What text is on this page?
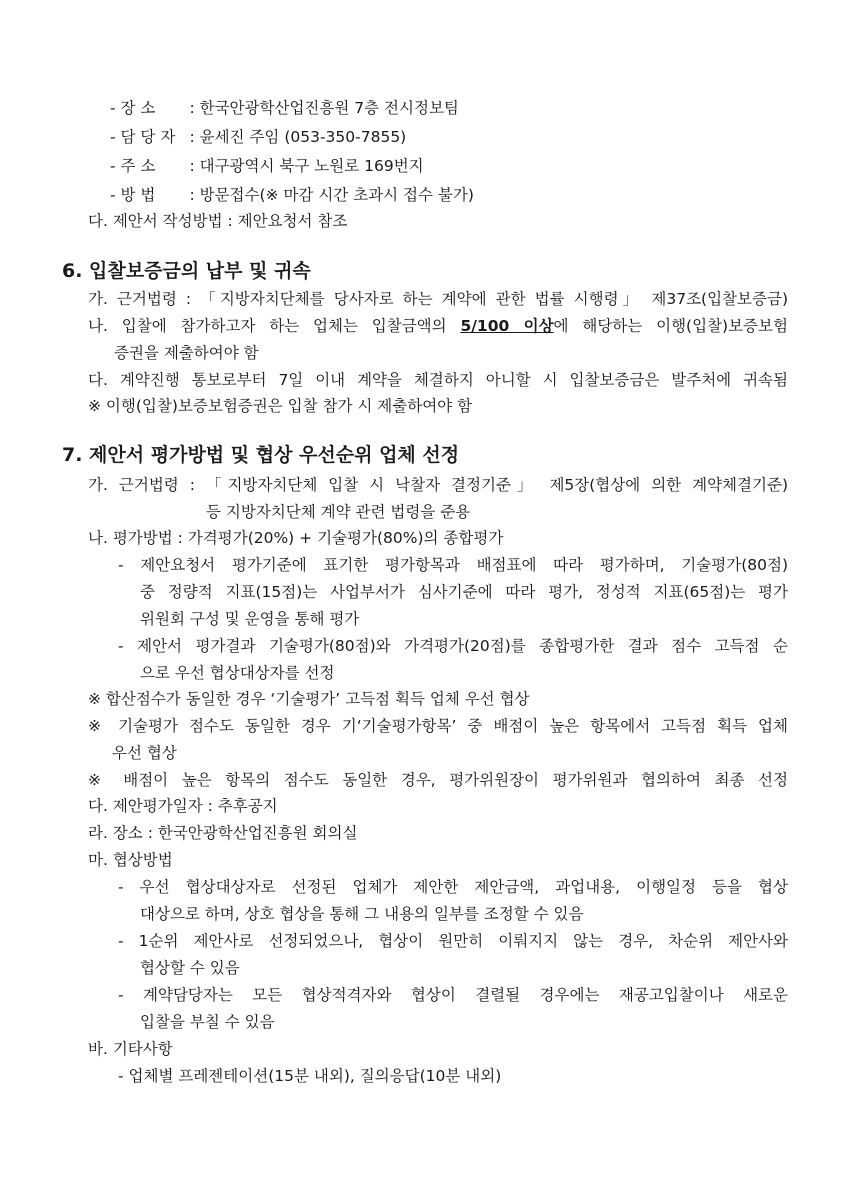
- 장 소 : 한국안광학산업진흥원 7층 전시정보팀
- 담 당 자 : 윤세진 주임 (053-350-7855)
- 주 소 : 대구광역시 북구 노원로 169번지
- 방 법 : 방문접수(※ 마감 시간 초과시 접수 불가)
다. 제안서 작성방법 : 제안요청서 참조
6. 입찰보증금의 납부 및 귀속
가. 근거법령 : 「지방자치단체를 당사자로 하는 계약에 관한 법률 시행령」 제37조(입찰보증금)
나. 입찰에 참가하고자 하는 업체는 입찰금액의 5/100 이상에 해당하는 이행(입찰)보증보험
증권을 제출하여야 함
다. 계약진행 통보로부터 7일 이내 계약을 체결하지 아니할 시 입찰보증금은 발주처에 귀속됨
※ 이행(입찰)보증보험증권은 입찰 참가 시 제출하여야 함
7. 제안서 평가방법 및 협상 우선순위 업체 선정
가. 근거법령 : 「지방자치단체 입찰 시 낙찰자 결정기준」 제5장(협상에 의한 계약체결기준)
등 지방자치단체 계약 관련 법령을 준용
나. 평가방법 : 가격평가(20%) + 기술평가(80%)의 종합평가
- 제안요청서 평가기준에 표기한 평가항목과 배점표에 따라 평가하며, 기술평가(80점)
중 정량적 지표(15점)는 사업부서가 심사기준에 따라 평가, 정성적 지표(65점)는 평가
위원회 구성 및 운영을 통해 평가
- 제안서 평가결과 기술평가(80점)와 가격평가(20점)를 종합평가한 결과 점수 고득점 순
으로 우선 협상대상자를 선정
※ 합산점수가 동일한 경우 ‘기술평가’ 고득점 획득 업체 우선 협상
※ 기술평가 점수도 동일한 경우 기‘기술평가항목’ 중 배점이 높은 항목에서 고득점 획득 업체
우선 협상
※ 배점이 높은 항목의 점수도 동일한 경우, 평가위원장이 평가위원과 협의하여 최종 선정
다. 제안평가일자 : 추후공지
라. 장소 : 한국안광학산업진흥원 회의실
마. 협상방법
- 우선 협상대상자로 선정된 업체가 제안한 제안금액, 과업내용, 이행일정 등을 협상
대상으로 하며, 상호 협상을 통해 그 내용의 일부를 조정할 수 있음
- 1순위 제안사로 선정되었으나, 협상이 원만히 이뤄지지 않는 경우, 차순위 제안사와
협상할 수 있음
- 계약담당자는 모든 협상적격자와 협상이 결렬될 경우에는 재공고입찰이나 새로운
입찰을 부칠 수 있음
바. 기타사항
- 업체별 프레젠테이션(15분 내외), 질의응답(10분 내외)
